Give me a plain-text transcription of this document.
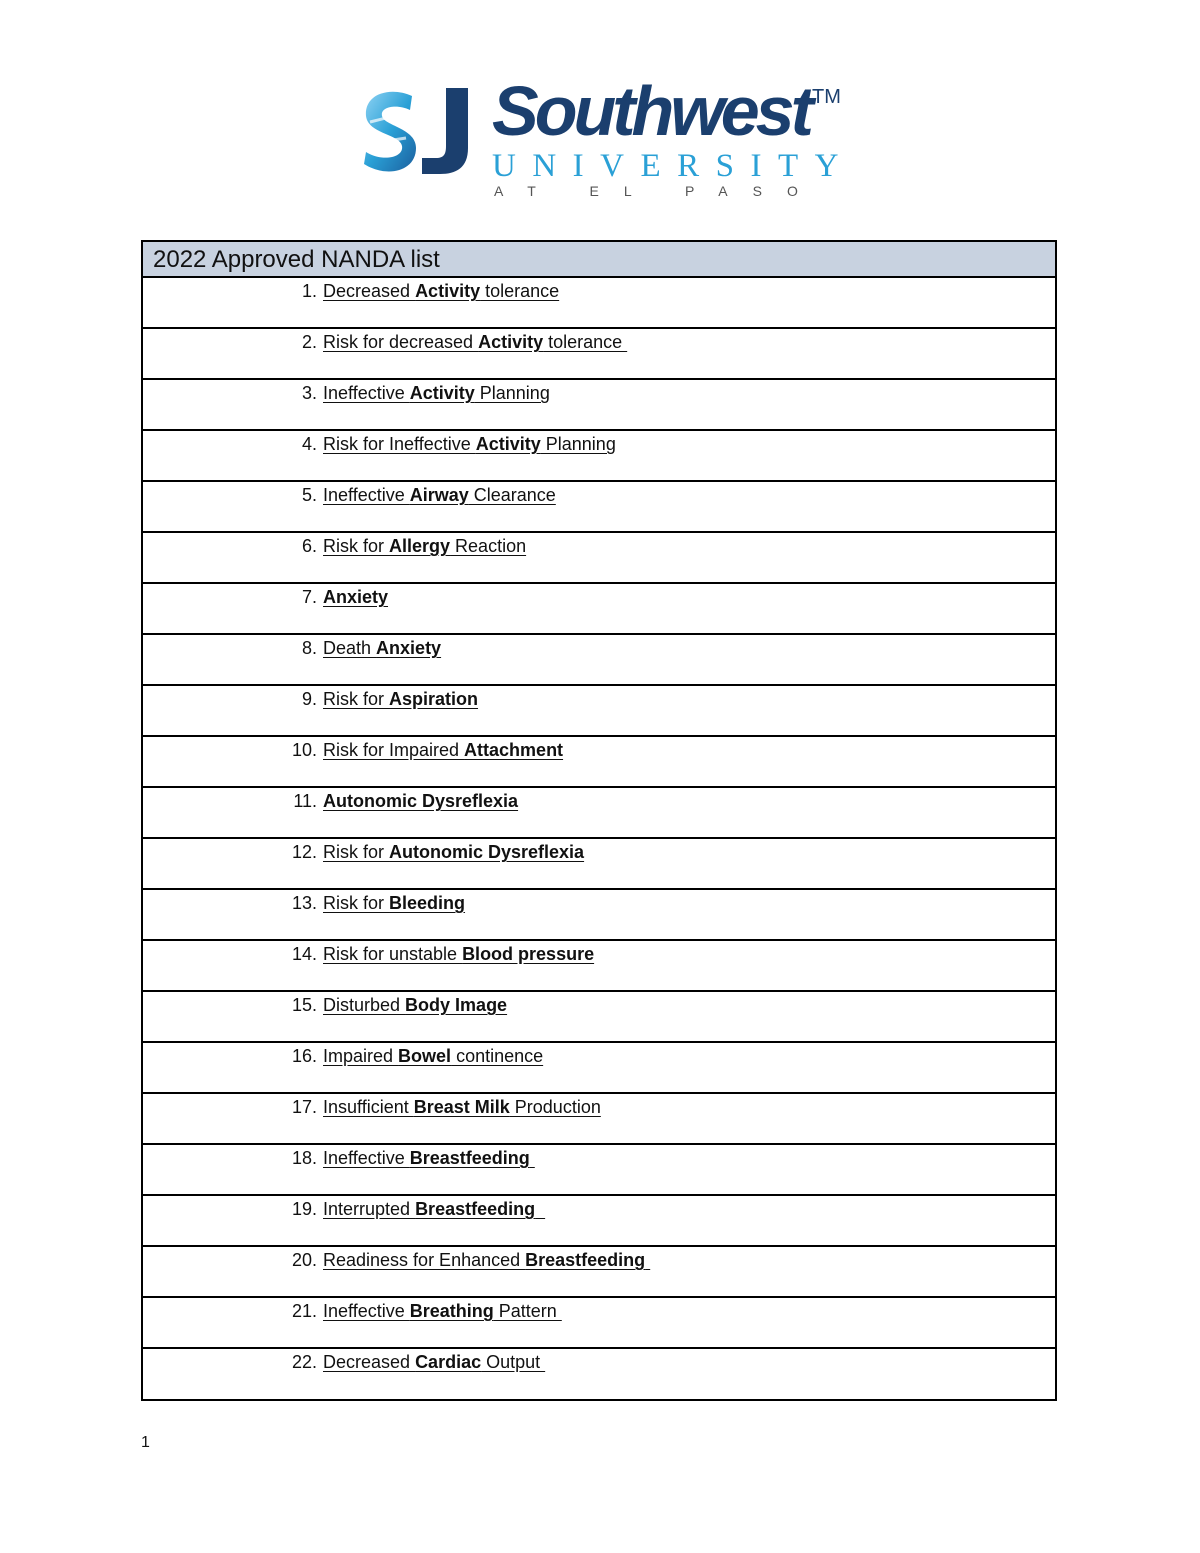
Southwest TM
UNIVERSITY
AT EL PASO
2022 Approved NANDA list
1. Decreased Activity tolerance
2. Risk for decreased Activity tolerance
3. Ineffective Activity Planning
4. Risk for Ineffective Activity Planning
5. Ineffective Airway Clearance
6. Risk for Allergy Reaction
7. Anxiety
8. Death Anxiety
9. Risk for Aspiration
10. Risk for Impaired Attachment
11. Autonomic Dysreflexia
12. Risk for Autonomic Dysreflexia
13. Risk for Bleeding
14. Risk for unstable Blood pressure
15. Disturbed Body Image
16. Impaired Bowel continence
17. Insufficient Breast Milk Production
18. Ineffective Breastfeeding
19. Interrupted Breastfeeding
20. Readiness for Enhanced Breastfeeding
21. Ineffective Breathing Pattern
22. Decreased Cardiac Output
1
